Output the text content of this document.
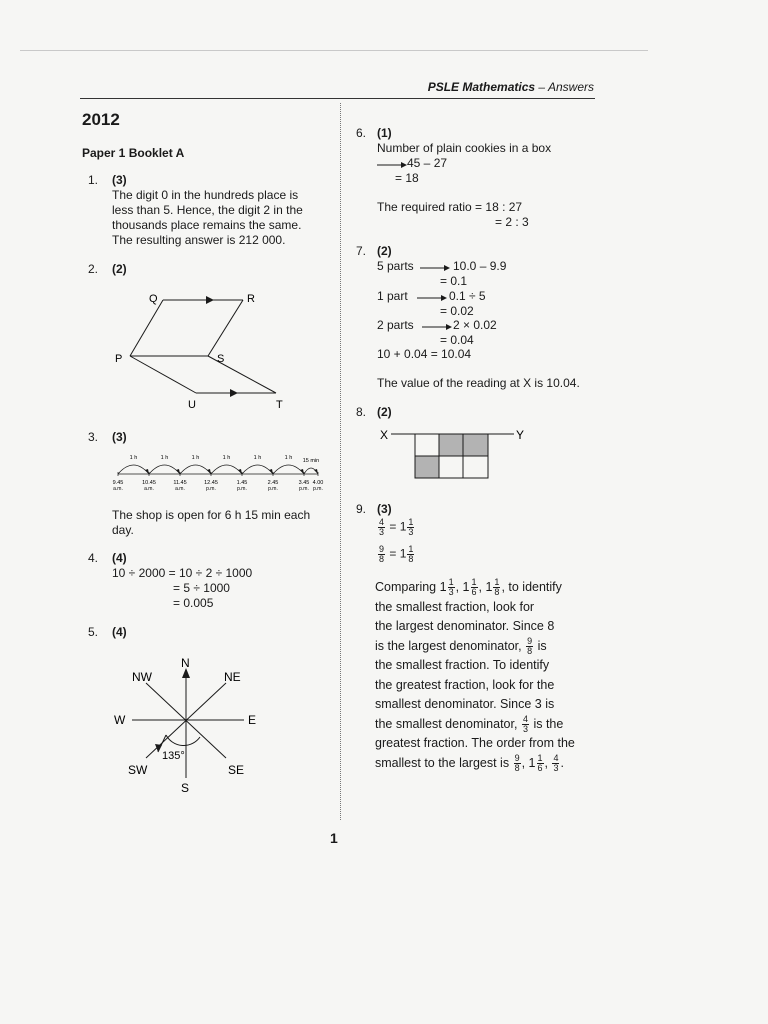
PSLE Mathematics – Answers
2012
Paper 1 Booklet A
1. (3)
The digit 0 in the hundreds place is
less than 5. Hence, the digit 2 in the
thousands place remains the same.
The resulting answer is 212 000.
2. (2)
Q	R
P	S
U	T
3. (3)
1 h	1 h	1 h	1 h	1 h	1 h 15 min
9.45
a.m.
10.45
a.m.
11.45
a.m.
12.45
p.m.
1.45
p.m.
2.45
p.m.
3.45
p.m.
4.00
p.m.
The shop is open for 6 h 15 min each
day.
4. (4)
10 ÷ 2000 = 10 ÷ 2 ÷ 1000
= 5 ÷ 1000
= 0.005
5. (4)
N
NE
E
SE
S
SW
W
NW
135°
6. (1)
Number of plain cookies in a box
45 – 27
= 18
The required ratio = 18 : 27
= 2 : 3
7. (2)
5 parts	10.0 – 9.9
= 0.1
1 part	0.1 ÷ 5
= 0.02
2 parts	2 × 0.02
= 0.04
10 + 0.04 = 10.04
The value of the reading at X is 10.04.
8. (2)
X	Y
9. (3)
$\frac{4}{3} = 1 \frac{1}{3}$
$\frac{9}{8} = 1 \frac{1}{8}$
Comparing $1 \frac{1}{3}$ , $1 \frac{1}{6}$ , $1 \frac{1}{8}$ , to identify
the smallest fraction, look for
the largest denominator. Since 8
is the largest denominator, $\frac{9}{8}$ is
the smallest fraction. To identify
the greatest fraction, look for the
smallest denominator. Since 3 is
the smallest denominator, $\frac{4}{3}$ is the
greatest fraction. The order from the
smallest to the largest is $\frac{9}{8}$ , $1 \frac{1}{6}$ , $\frac{4}{3}$ .
1
